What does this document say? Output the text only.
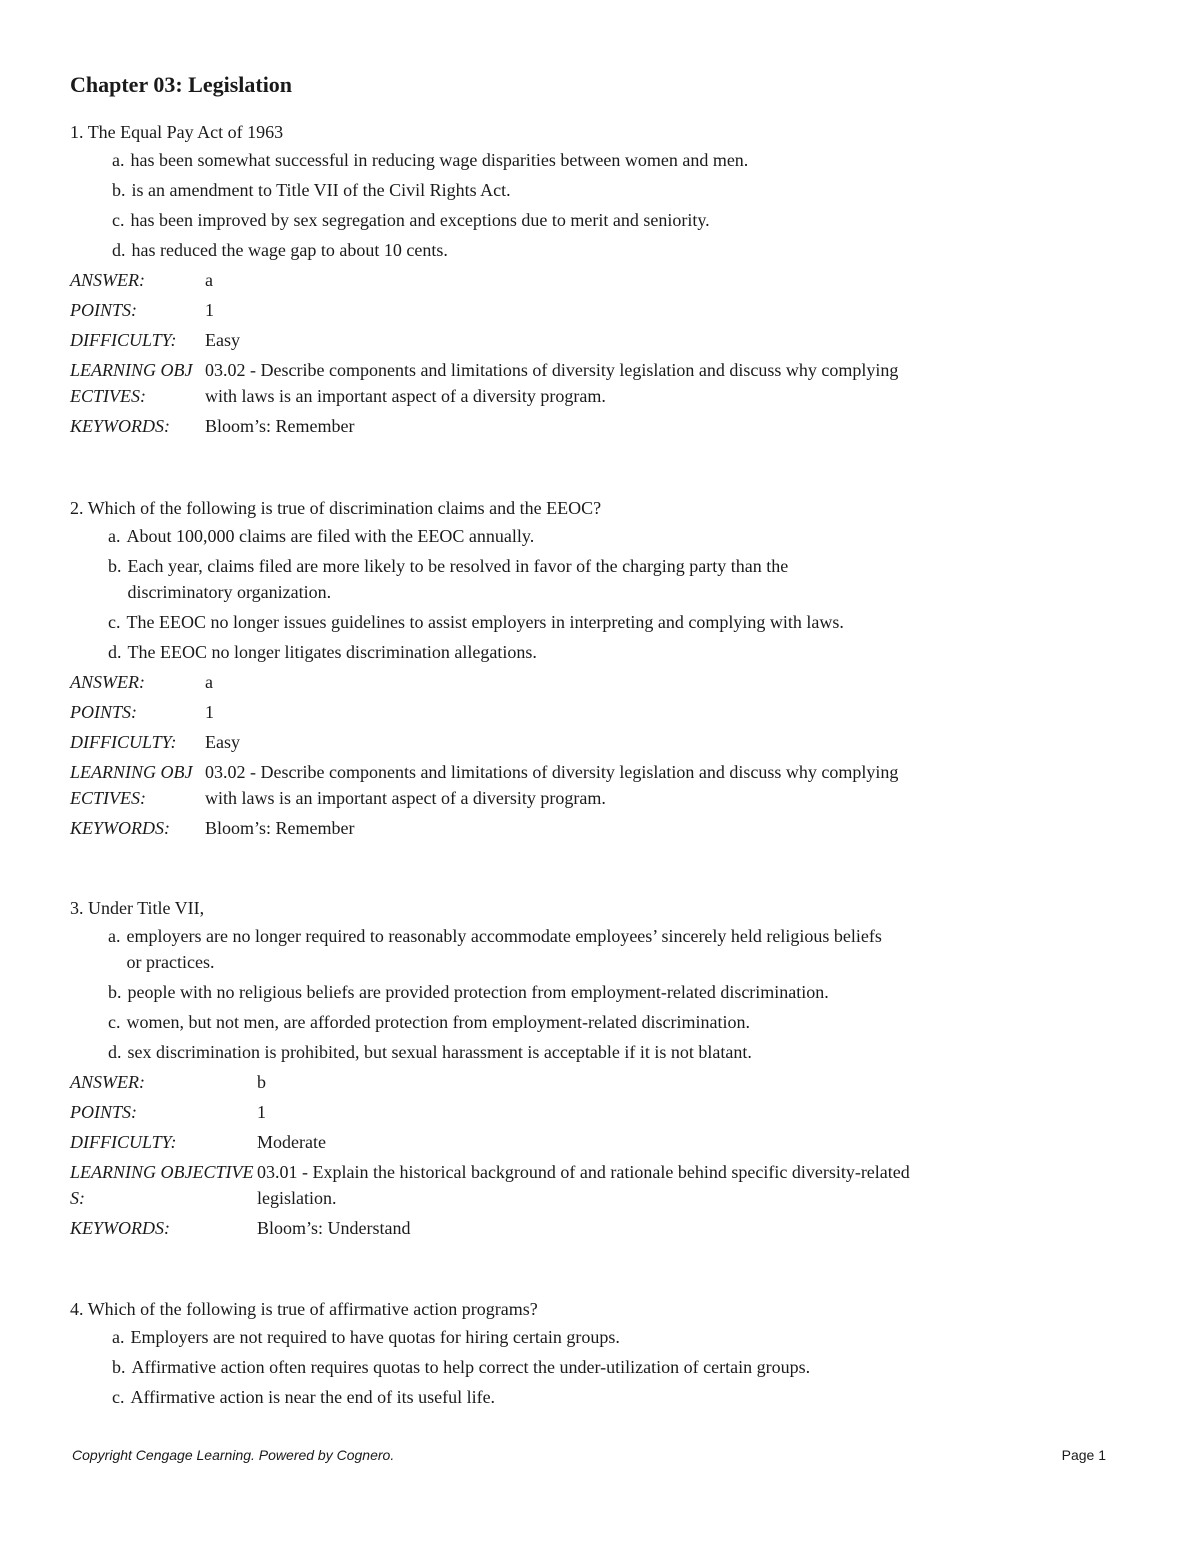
Chapter 03: Legislation
1. The Equal Pay Act of 1963
a. has been somewhat successful in reducing wage disparities between women and men.
b. is an amendment to Title VII of the Civil Rights Act.
c. has been improved by sex segregation and exceptions due to merit and seniority.
d. has reduced the wage gap to about 10 cents.
ANSWER:	a
POINTS:	1
DIFFICULTY:	Easy
LEARNING OBJECTIVES:
03.02 - Describe components and limitations of diversity legislation and discuss why complying with laws is an important aspect of a diversity program.
KEYWORDS:	Bloom’s: Remember
2. Which of the following is true of discrimination claims and the EEOC?
a. About 100,000 claims are filed with the EEOC annually.
b. Each year, claims filed are more likely to be resolved in favor of the charging party than the discriminatory organization.
c. The EEOC no longer issues guidelines to assist employers in interpreting and complying with laws.
d. The EEOC no longer litigates discrimination allegations.
ANSWER:	a
POINTS:	1
DIFFICULTY:	Easy
LEARNING OBJECTIVES:
03.02 - Describe components and limitations of diversity legislation and discuss why complying with laws is an important aspect of a diversity program.
KEYWORDS:	Bloom’s: Remember
3. Under Title VII,
a. employers are no longer required to reasonably accommodate employees’ sincerely held religious beliefs or practices.
b. people with no religious beliefs are provided protection from employment-related discrimination.
c. women, but not men, are afforded protection from employment-related discrimination.
d. sex discrimination is prohibited, but sexual harassment is acceptable if it is not blatant.
ANSWER:	b
POINTS:	1
DIFFICULTY:	Moderate
LEARNING OBJECTIVES:
03.01 - Explain the historical background of and rationale behind specific diversity-related legislation.
KEYWORDS:	Bloom’s: Understand
4. Which of the following is true of affirmative action programs?
a. Employers are not required to have quotas for hiring certain groups.
b. Affirmative action often requires quotas to help correct the under-utilization of certain groups.
c. Affirmative action is near the end of its useful life.
Copyright Cengage Learning. Powered by Cognero.	Page 1
